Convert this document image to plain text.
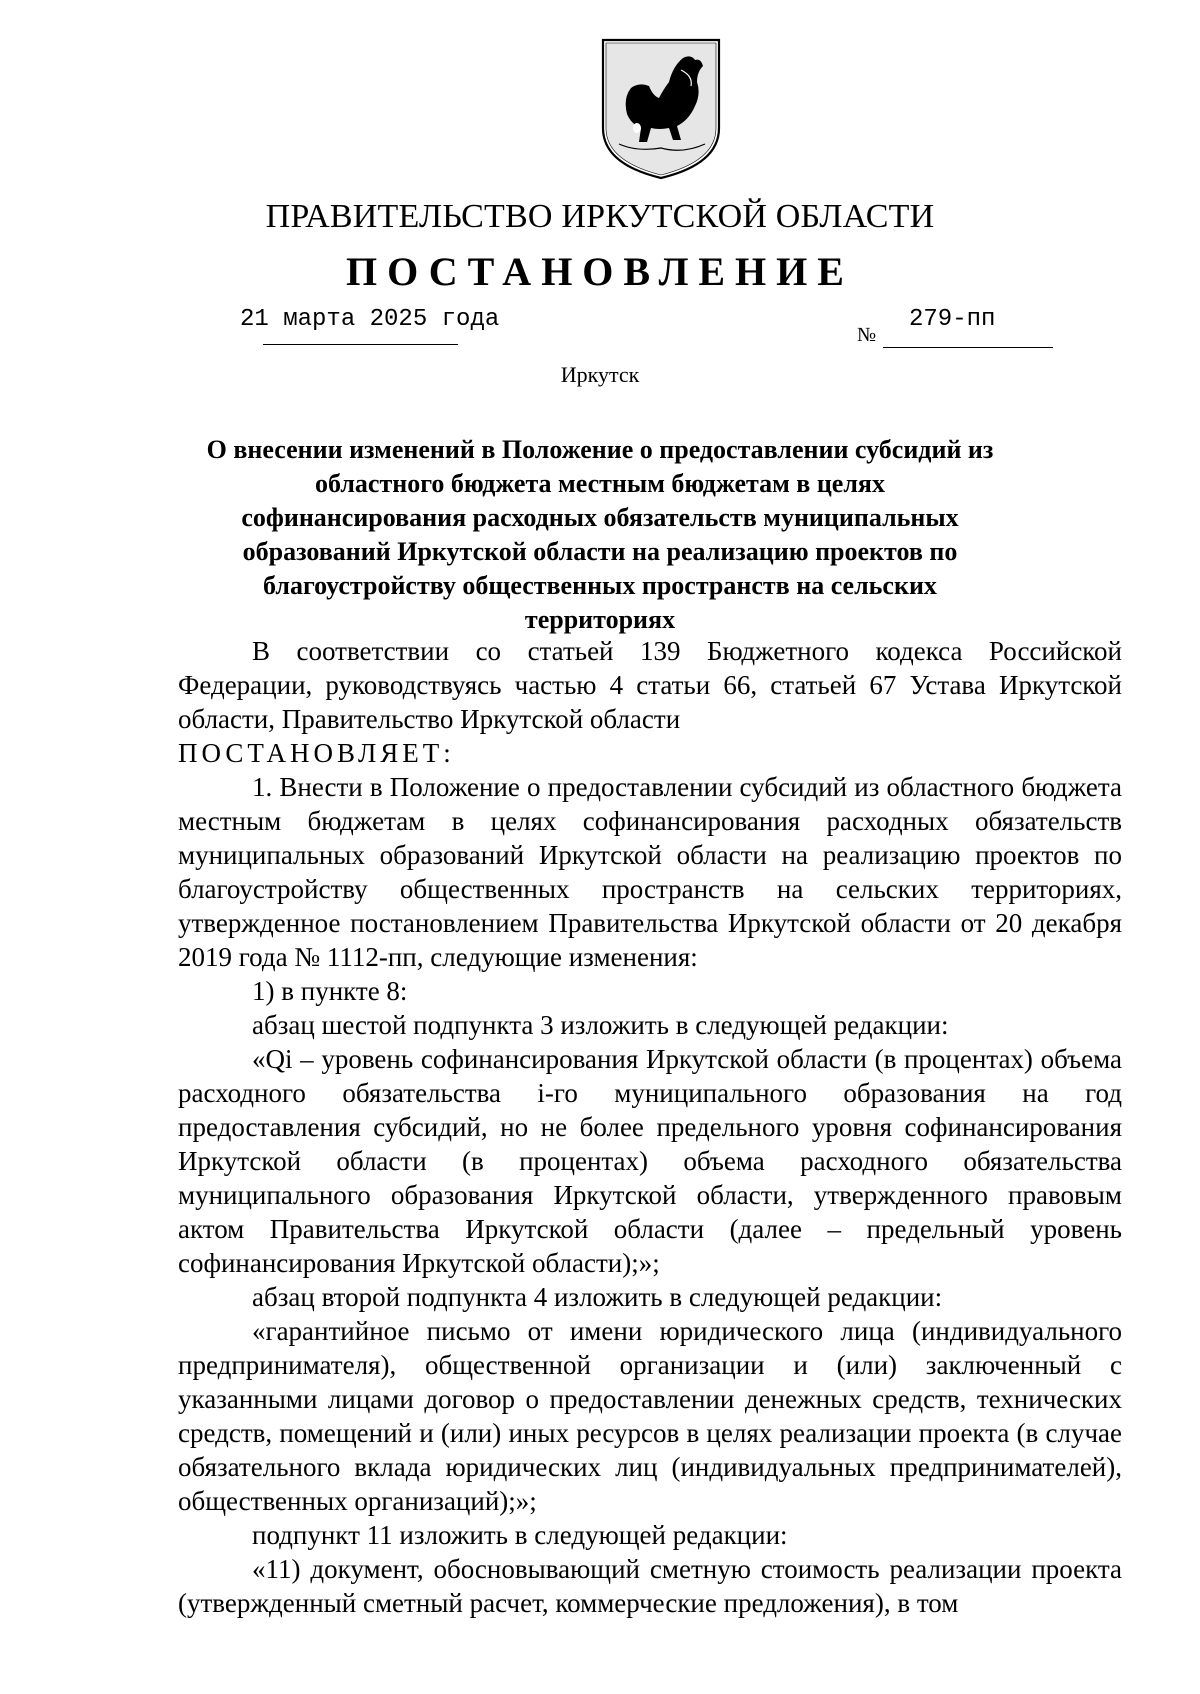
ПРАВИТЕЛЬСТВО ИРКУТСКОЙ ОБЛАСТИ
ПОСТАНОВЛЕНИЕ
21 марта 2025 года
№
279-пп
Иркутск
О внесении изменений в Положение о предоставлении субсидий из областного бюджета местным бюджетам в целях софинансирования расходных обязательств муниципальных образований Иркутской области на реализацию проектов по благоустройству общественных пространств на сельских территориях

В соответствии со статьей 139 Бюджетного кодекса Российской Федерации, руководствуясь частью 4 статьи 66, статьей 67 Устава Иркутской области, Правительство Иркутской области

ПОСТАНОВЛЯЕТ:

1. Внести в Положение о предоставлении субсидий из областного бюджета местным бюджетам в целях софинансирования расходных обязательств муниципальных образований Иркутской области на реализацию проектов по благоустройству общественных пространств на сельских территориях, утвержденное постановлением Правительства Иркутской области от 20 декабря 2019 года № 1112-пп, следующие изменения:

1) в пункте 8:

абзац шестой подпункта 3 изложить в следующей редакции:

«Qi – уровень софинансирования Иркутской области (в процентах) объема расходного обязательства i-го муниципального образования на год предоставления субсидий, но не более предельного уровня софинансирования Иркутской области (в процентах) объема расходного обязательства муниципального образования Иркутской области, утвержденного правовым актом Правительства Иркутской области (далее – предельный уровень софинансирования Иркутской области);»;

абзац второй подпункта 4 изложить в следующей редакции:

«гарантийное письмо от имени юридического лица (индивидуального предпринимателя), общественной организации и (или) заключенный с указанными лицами договор о предоставлении денежных средств, технических средств, помещений и (или) иных ресурсов в целях реализации проекта (в случае обязательного вклада юридических лиц (индивидуальных предпринимателей), общественных организаций);»;

подпункт 11 изложить в следующей редакции:

«11) документ, обосновывающий сметную стоимость реализации проекта (утвержденный сметный расчет, коммерческие предложения), в том
